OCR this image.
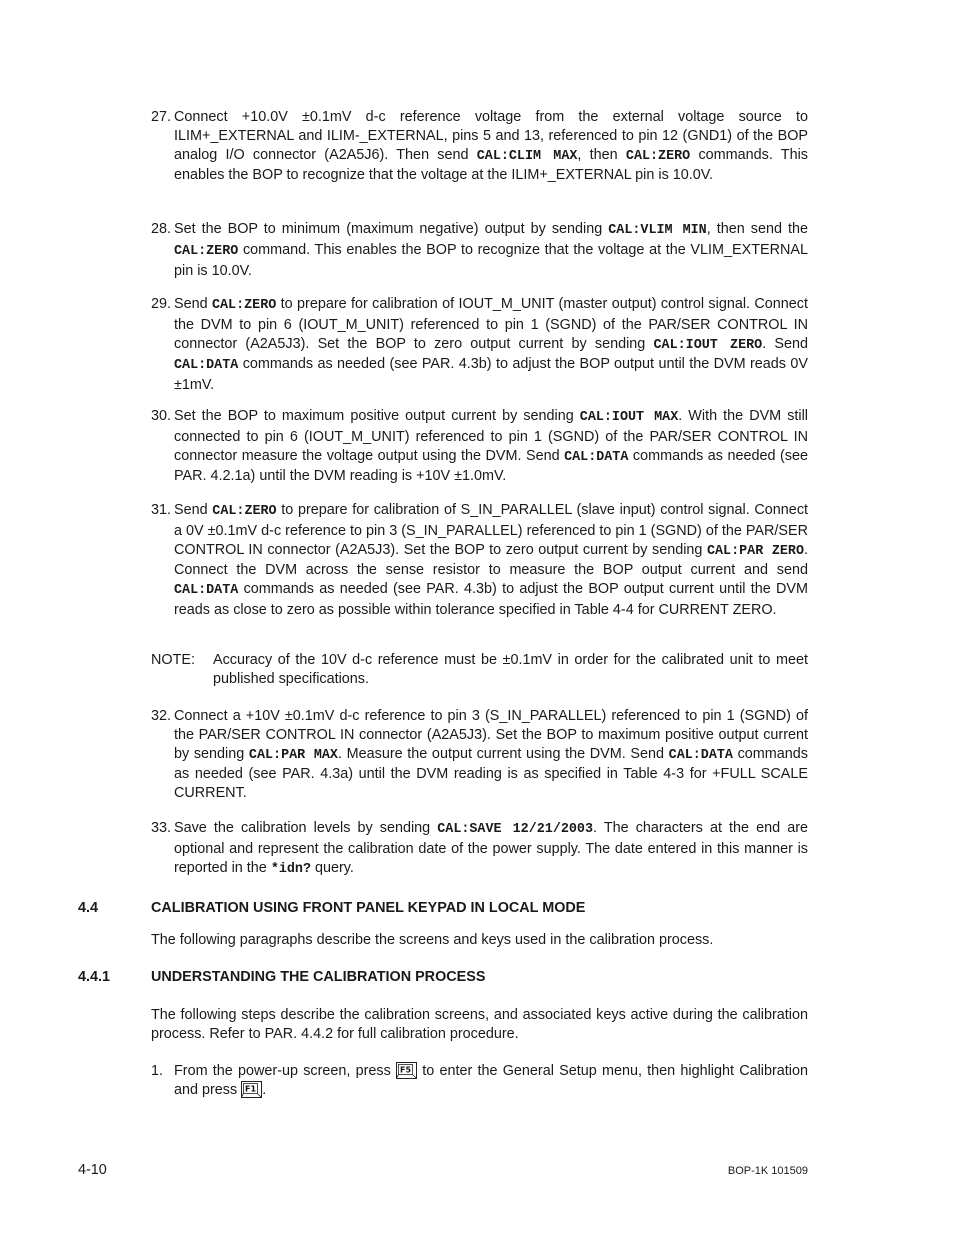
27. Connect +10.0V ±0.1mV d-c reference voltage from the external voltage source to ILIM+_EXTERNAL and ILIM-_EXTERNAL, pins 5 and 13, referenced to pin 12 (GND1) of the BOP analog I/O connector (A2A5J6). Then send CAL:CLIM MAX, then CAL:ZERO commands. This enables the BOP to recognize that the voltage at the ILIM+_EXTERNAL pin is 10.0V.
28. Set the BOP to minimum (maximum negative) output by sending CAL:VLIM MIN, then send the CAL:ZERO command. This enables the BOP to recognize that the voltage at the VLIM_EXTERNAL pin is 10.0V.
29. Send CAL:ZERO to prepare for calibration of IOUT_M_UNIT (master output) control signal. Connect the DVM to pin 6 (IOUT_M_UNIT) referenced to pin 1 (SGND) of the PAR/SER CONTROL IN connector (A2A5J3). Set the BOP to zero output current by sending CAL:IOUT ZERO. Send CAL:DATA commands as needed (see PAR. 4.3b) to adjust the BOP output until the DVM reads 0V ±1mV.
30. Set the BOP to maximum positive output current by sending CAL:IOUT MAX. With the DVM still connected to pin 6 (IOUT_M_UNIT) referenced to pin 1 (SGND) of the PAR/SER CONTROL IN connector measure the voltage output using the DVM. Send CAL:DATA commands as needed (see PAR. 4.2.1a) until the DVM reading is +10V ±1.0mV.
31. Send CAL:ZERO to prepare for calibration of S_IN_PARALLEL (slave input) control signal. Connect a 0V ±0.1mV d-c reference to pin 3 (S_IN_PARALLEL) referenced to pin 1 (SGND) of the PAR/SER CONTROL IN connector (A2A5J3). Set the BOP to zero output current by sending CAL:PAR ZERO. Connect the DVM across the sense resistor to measure the BOP output current and send CAL:DATA commands as needed (see PAR. 4.3b) to adjust the BOP output current until the DVM reads as close to zero as possible within tolerance specified in Table 4-4 for CURRENT ZERO.
NOTE: Accuracy of the 10V d-c reference must be ±0.1mV in order for the calibrated unit to meet published specifications.
32. Connect a +10V ±0.1mV d-c reference to pin 3 (S_IN_PARALLEL) referenced to pin 1 (SGND) of the PAR/SER CONTROL IN connector (A2A5J3). Set the BOP to maximum positive output current by sending CAL:PAR MAX. Measure the output current using the DVM. Send CAL:DATA commands as needed (see PAR. 4.3a) until the DVM reading is as specified in Table 4-3 for +FULL SCALE CURRENT.
33. Save the calibration levels by sending CAL:SAVE 12/21/2003. The characters at the end are optional and represent the calibration date of the power supply. The date entered in this manner is reported in the *idn? query.
4.4	CALIBRATION USING FRONT PANEL KEYPAD IN LOCAL MODE
The following paragraphs describe the screens and keys used in the calibration process.
4.4.1	UNDERSTANDING THE CALIBRATION PROCESS
The following steps describe the calibration screens, and associated keys active during the calibration process. Refer to PAR. 4.4.2 for full calibration procedure.
1. From the power-up screen, press F5 to enter the General Setup menu, then highlight Calibration and press F1 .
4-10	BOP-1K 101509
